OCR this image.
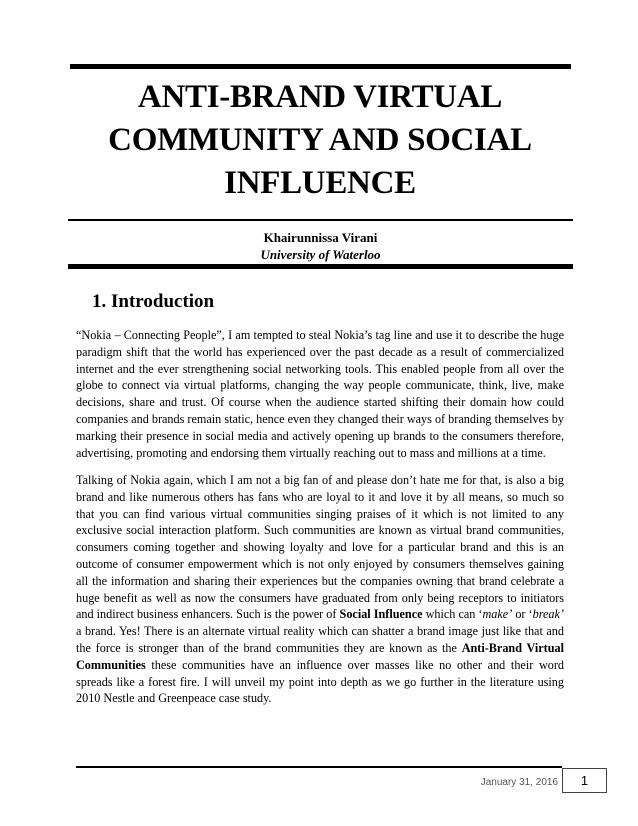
ANTI-BRAND VIRTUAL
COMMUNITY AND SOCIAL
INFLUENCE
Khairunnissa Virani
University of Waterloo
1. Introduction

“Nokia – Connecting People”, I am tempted to steal Nokia’s tag line and use it to describe the huge paradigm shift that the world has experienced over the past decade as a result of commercialized internet and the ever strengthening social networking tools. This enabled people from all over the globe to connect via virtual platforms, changing the way people communicate, think, live, make decisions, share and trust. Of course when the audience started shifting their domain how could companies and brands remain static, hence even they changed their ways of branding themselves by marking their presence in social media and actively opening up brands to the consumers therefore, advertising, promoting and endorsing them virtually reaching out to mass and millions at a time.

Talking of Nokia again, which I am not a big fan of and please don’t hate me for that, is also a big brand and like numerous others has fans who are loyal to it and love it by all means, so much so that you can find various virtual communities singing praises of it which is not limited to any exclusive social interaction platform. Such communities are known as virtual brand communities, consumers coming together and showing loyalty and love for a particular brand and this is an outcome of consumer empowerment which is not only enjoyed by consumers themselves gaining all the information and sharing their experiences but the companies owning that brand celebrate a huge benefit as well as now the consumers have graduated from only being receptors to initiators and indirect business enhancers. Such is the power of Social Influence which can ‘make’ or ‘break’ a brand. Yes! There is an alternate virtual reality which can shatter a brand image just like that and the force is stronger than of the brand communities they are known as the Anti-Brand Virtual Communities these communities have an influence over masses like no other and their word spreads like a forest fire. I will unveil my point into depth as we go further in the literature using 2010 Nestle and Greenpeace case study.

January 31, 2016	1
